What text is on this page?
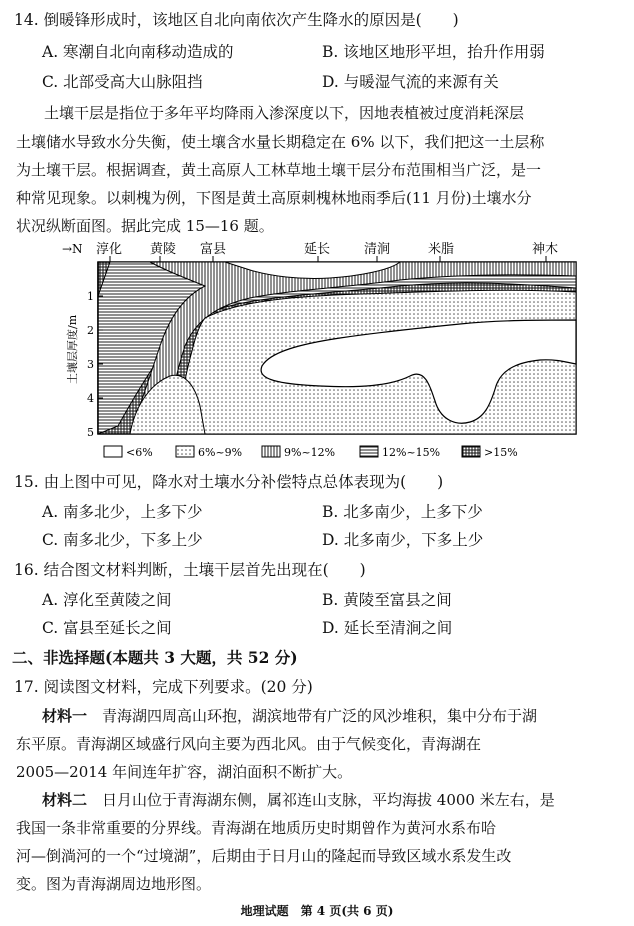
14. 倒暖锋形成时，该地区自北向南依次产生降水的原因是(　　)
A. 寒潮自北向南移动造成的	B. 该地区地形平坦，抬升作用弱
C. 北部受高大山脉阻挡	D. 与暖湿气流的来源有关
土壤干层是指位于多年平均降雨入渗深度以下，因地表植被过度消耗深层
土壤储水导致水分失衡，使土壤含水量长期稳定在 6% 以下，我们把这一土层称
为土壤干层。根据调查，黄土高原人工林草地土壤干层分布范围相当广泛，是一
种常见现象。以刺槐为例，下图是黄土高原刺槐林地雨季后(11 月份)土壤水分
状况纵断面图。据此完成 15—16 题。
→N 淳化 黄陵 富县	延长	清涧	米脂	神木
1
2
3
4
5
土壤层厚度/m
<6%	6%~9%	9%~12%	12%~15%	>15%
15. 由上图中可见，降水对土壤水分补偿特点总体表现为(　　)
A. 南多北少，上多下少	B. 北多南少，上多下少
C. 南多北少，下多上少	D. 北多南少，下多上少
16. 结合图文材料判断，土壤干层首先出现在(　　)
A. 淳化至黄陵之间	B. 黄陵至富县之间
C. 富县至延长之间	D. 延长至清涧之间
二、非选择题(本题共 3 大题，共 52 分)
17. 阅读图文材料，完成下列要求。(20 分)
材料一　青海湖四周高山环抱，湖滨地带有广泛的风沙堆积，集中分布于湖
东平原。青海湖区域盛行风向主要为西北风。由于气候变化，青海湖在
2005—2014 年间连年扩容，湖泊面积不断扩大。
材料二　日月山位于青海湖东侧，属祁连山支脉，平均海拔 4000 米左右，是
我国一条非常重要的分界线。青海湖在地质历史时期曾作为黄河水系布哈
河—倒淌河的一个“过境湖”，后期由于日月山的隆起而导致区域水系发生改
变。图为青海湖周边地形图。
地理试题　第 4 页(共 6 页)
